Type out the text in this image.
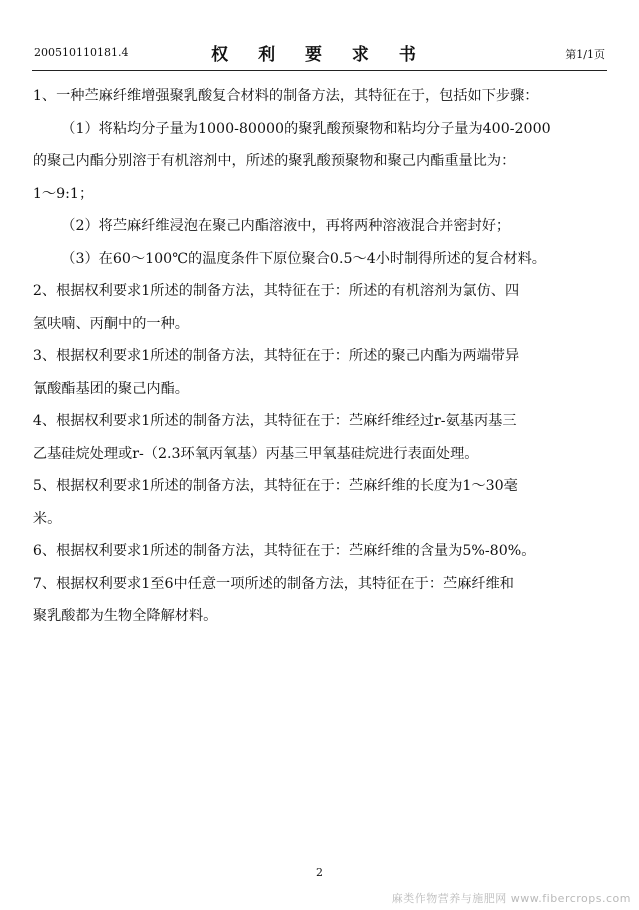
200510110181.4	权 利 要 求 书	第1/1页
1、一种苎麻纤维增强聚乳酸复合材料的制备方法，其特征在于，包括如下步骤：
（1）将粘均分子量为1000-80000的聚乳酸预聚物和粘均分子量为400-2000
的聚己内酯分别溶于有机溶剂中，所述的聚乳酸预聚物和聚己内酯重量比为：
1～9:1；
（2）将苎麻纤维浸泡在聚己内酯溶液中，再将两种溶液混合并密封好；
（3）在60～100℃的温度条件下原位聚合0.5～4小时制得所述的复合材料。
2、根据权利要求1所述的制备方法，其特征在于：所述的有机溶剂为氯仿、四
氢呋喃、丙酮中的一种。
3、根据权利要求1所述的制备方法，其特征在于：所述的聚己内酯为两端带异
氰酸酯基团的聚己内酯。
4、根据权利要求1所述的制备方法，其特征在于：苎麻纤维经过r-氨基丙基三
乙基硅烷处理或r-（2.3环氧丙氧基）丙基三甲氧基硅烷进行表面处理。
5、根据权利要求1所述的制备方法，其特征在于：苎麻纤维的长度为1～30毫
米。
6、根据权利要求1所述的制备方法，其特征在于：苎麻纤维的含量为5%-80%。
7、根据权利要求1至6中任意一项所述的制备方法，其特征在于：苎麻纤维和
聚乳酸都为生物全降解材料。
2
麻类作物营养与施肥网 www.fibercrops.com
